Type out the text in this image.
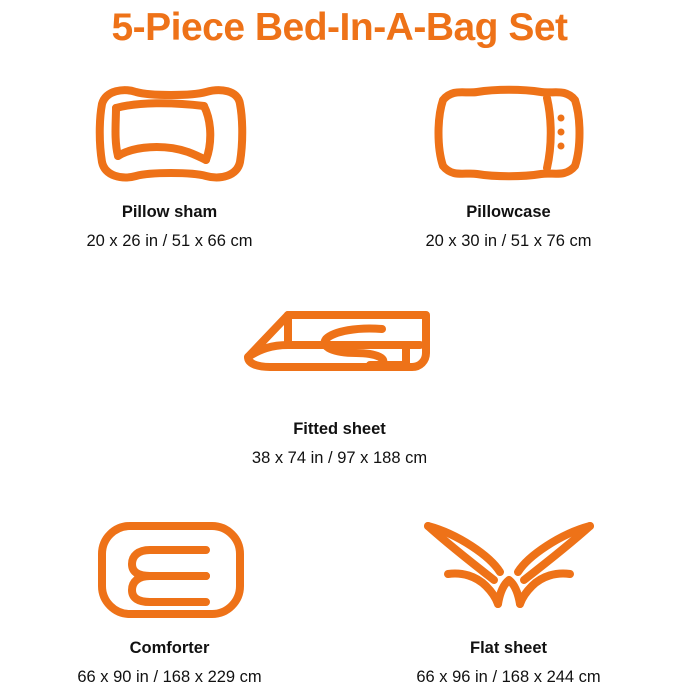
5-Piece Bed-In-A-Bag Set
Pillow sham
20 x 26 in / 51 x 66 cm
Pillowcase
20 x 30 in / 51 x 76 cm
Fitted sheet
38 x 74 in / 97 x 188 cm
Comforter
66 x 90 in / 168 x 229 cm
Flat sheet
66 x 96 in / 168 x 244 cm
